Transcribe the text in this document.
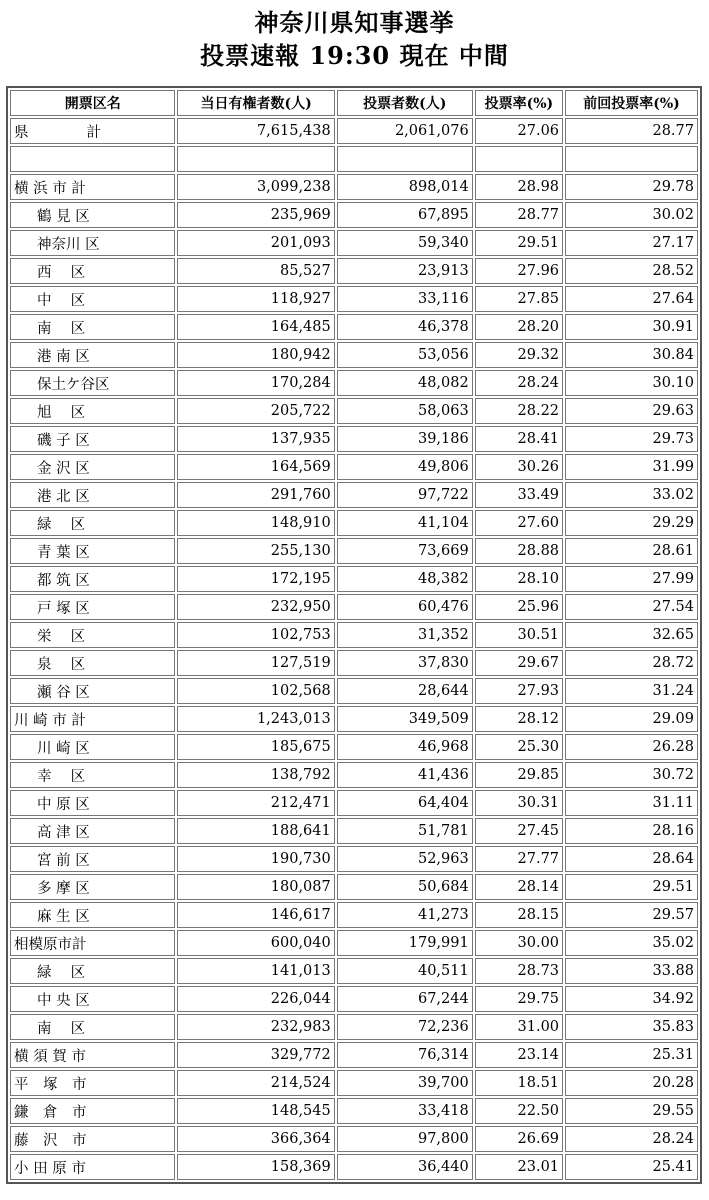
神奈川県知事選挙
投票速報 19:30 現在 中間
開票区名	当日有権者数(人)	投票者数(人)	投票率(%)	前回投票率(%)
県　　　　計	7,615,438	2,061,076	27.06	28.77

横 浜 市 計	3,099,238	898,014	28.98	29.78
鶴 見 区	235,969	67,895	28.77	30.02
神奈川 区	201,093	59,340	29.51	27.17
西　 区	85,527	23,913	27.96	28.52
中　 区	118,927	33,116	27.85	27.64
南　 区	164,485	46,378	28.20	30.91
港 南 区	180,942	53,056	29.32	30.84
保土ケ谷区	170,284	48,082	28.24	30.10
旭　 区	205,722	58,063	28.22	29.63
磯 子 区	137,935	39,186	28.41	29.73
金 沢 区	164,569	49,806	30.26	31.99
港 北 区	291,760	97,722	33.49	33.02
緑　 区	148,910	41,104	27.60	29.29
青 葉 区	255,130	73,669	28.88	28.61
都 筑 区	172,195	48,382	28.10	27.99
戸 塚 区	232,950	60,476	25.96	27.54
栄　 区	102,753	31,352	30.51	32.65
泉　 区	127,519	37,830	29.67	28.72
瀬 谷 区	102,568	28,644	27.93	31.24
川 崎 市 計	1,243,013	349,509	28.12	29.09
川 崎 区	185,675	46,968	25.30	26.28
幸　 区	138,792	41,436	29.85	30.72
中 原 区	212,471	64,404	30.31	31.11
高 津 区	188,641	51,781	27.45	28.16
宮 前 区	190,730	52,963	27.77	28.64
多 摩 区	180,087	50,684	28.14	29.51
麻 生 区	146,617	41,273	28.15	29.57
相模原市計	600,040	179,991	30.00	35.02
緑　 区	141,013	40,511	28.73	33.88
中 央 区	226,044	67,244	29.75	34.92
南　 区	232,983	72,236	31.00	35.83
横 須 賀 市	329,772	76,314	23.14	25.31
平　塚　市	214,524	39,700	18.51	20.28
鎌　倉　市	148,545	33,418	22.50	29.55
藤　沢　市	366,364	97,800	26.69	28.24
小 田 原 市	158,369	36,440	23.01	25.41
